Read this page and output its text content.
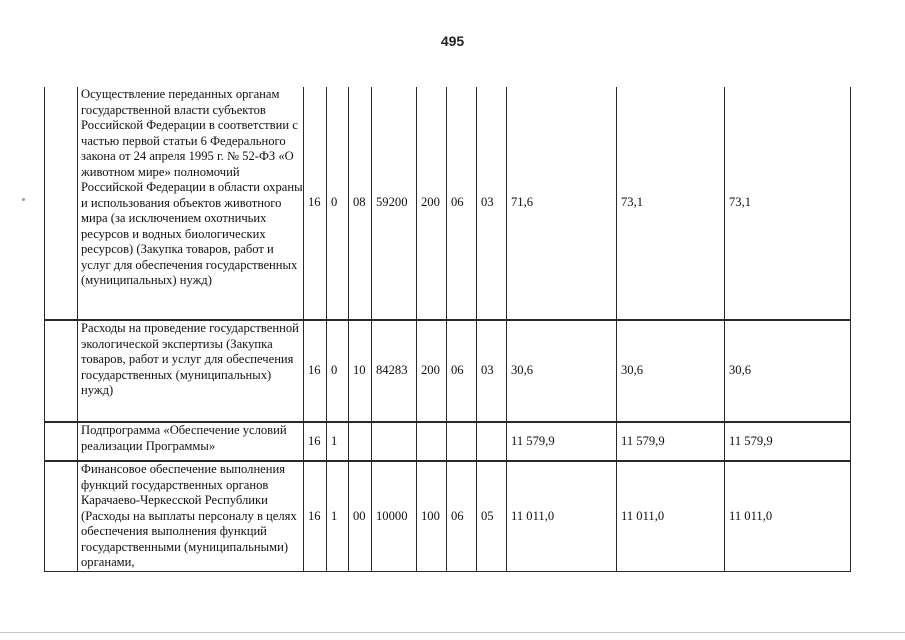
495
	Осуществление переданных органам государственной власти субъектов Российской Федерации в соответствии с частью первой статьи 6 Федерального закона от 24 апреля 1995 г. № 52-ФЗ «О животном мире» полномочий Российской Федерации в области охраны и использования объектов животного мира (за исключением охотничьих ресурсов и водных биологических ресурсов) (Закупка товаров, работ и услуг для обеспечения государственных (муниципальных) нужд)	16	0	08	59200	200	06	03	71,6	73,1	73,1
	Расходы на проведение государственной экологической экспертизы (Закупка товаров, работ и услуг для обеспечения государственных (муниципальных) нужд)	16	0	10	84283	200	06	03	30,6	30,6	30,6
	Подпрограмма «Обеспечение условий реализации Программы»	16	1						11 579,9	11 579,9	11 579,9
	Финансовое обеспечение выполнения функций государственных органов Карачаево-Черкесской Республики (Расходы на выплаты персоналу в целях обеспечения выполнения функций государственными (муниципальными) органами,	16	1	00	10000	100	06	05	11 011,0	11 011,0	11 011,0
